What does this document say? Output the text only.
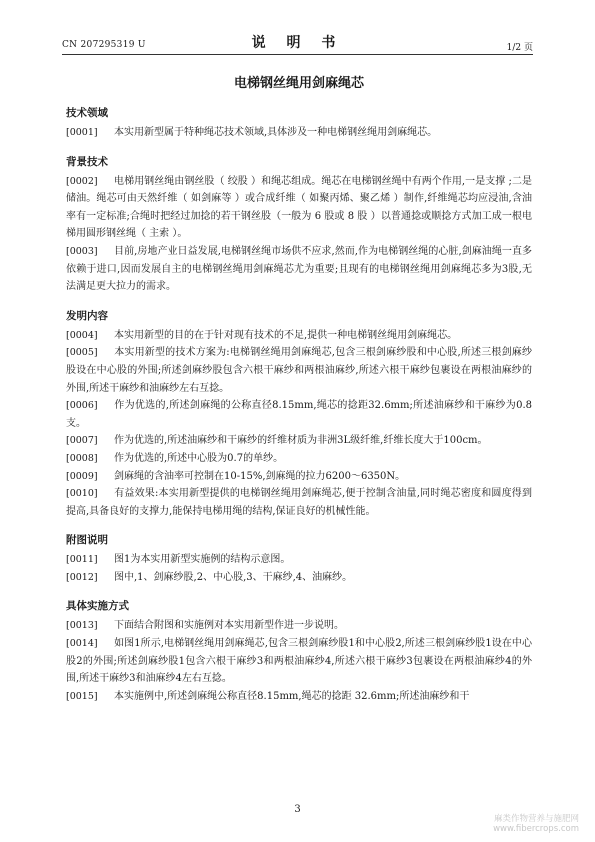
CN 207295319 U	说 明 书	1/2 页
电梯钢丝绳用剑麻绳芯
技术领域

[0001] 本实用新型属于特种绳芯技术领域,具体涉及一种电梯钢丝绳用剑麻绳芯。

背景技术

[0002] 电梯用钢丝绳由钢丝股（ 绞股 ）和绳芯组成。绳芯在电梯钢丝绳中有两个作用,一是支撑 ;二是储油。绳芯可由天然纤维（ 如剑麻等 ）或合成纤维（ 如聚丙烯、聚乙烯 ）制作,纤维绳芯均应浸油,含油率有一定标准;合绳时把经过加捻的若干钢丝股（一般为 6 股或 8 股 ）以普通捻或顺捻方式加工成一根电梯用圆形钢丝绳（ 主索 ）。

[0003] 目前,房地产业日益发展,电梯钢丝绳市场供不应求,然而,作为电梯钢丝绳的心脏,剑麻油绳一直多依赖于进口,因而发展自主的电梯钢丝绳用剑麻绳芯尤为重要;且现有的电梯钢丝绳用剑麻绳芯多为3股,无法满足更大拉力的需求。

发明内容

[0004] 本实用新型的目的在于针对现有技术的不足,提供一种电梯钢丝绳用剑麻绳芯。

[0005] 本实用新型的技术方案为:电梯钢丝绳用剑麻绳芯,包含三根剑麻纱股和中心股,所述三根剑麻纱股设在中心股的外围;所述剑麻纱股包含六根干麻纱和两根油麻纱,所述六根干麻纱包裹设在两根油麻纱的外围,所述干麻纱和油麻纱左右互捻。

[0006] 作为优选的,所述剑麻绳的公称直径8.15mm,绳芯的捻距32.6mm;所述油麻纱和干麻纱为0.8支。

[0007] 作为优选的,所述油麻纱和干麻纱的纤维材质为非洲3L级纤维,纤维长度大于100cm。

[0008] 作为优选的,所述中心股为0.7的单纱。

[0009] 剑麻绳的含油率可控制在10-15%,剑麻绳的拉力6200～6350N。

[0010] 有益效果:本实用新型提供的电梯钢丝绳用剑麻绳芯,便于控制含油量,同时绳芯密度和圆度得到提高,具备良好的支撑力,能保持电梯用绳的结构,保证良好的机械性能。

附图说明

[0011] 图1为本实用新型实施例的结构示意图。

[0012] 图中,1、剑麻纱股,2、中心股,3、干麻纱,4、油麻纱。

具体实施方式

[0013] 下面结合附图和实施例对本实用新型作进一步说明。

[0014] 如图1所示,电梯钢丝绳用剑麻绳芯,包含三根剑麻纱股1和中心股2,所述三根剑麻纱股1设在中心股2的外围;所述剑麻纱股1包含六根干麻纱3和两根油麻纱4,所述六根干麻纱3包裹设在两根油麻纱4的外围,所述干麻纱3和油麻纱4左右互捻。

[0015] 本实施例中,所述剑麻绳公称直径8.15mm,绳芯的捻距 32.6mm;所述油麻纱和干

3
麻类作物营养与施肥网
www.fibercrops.com
